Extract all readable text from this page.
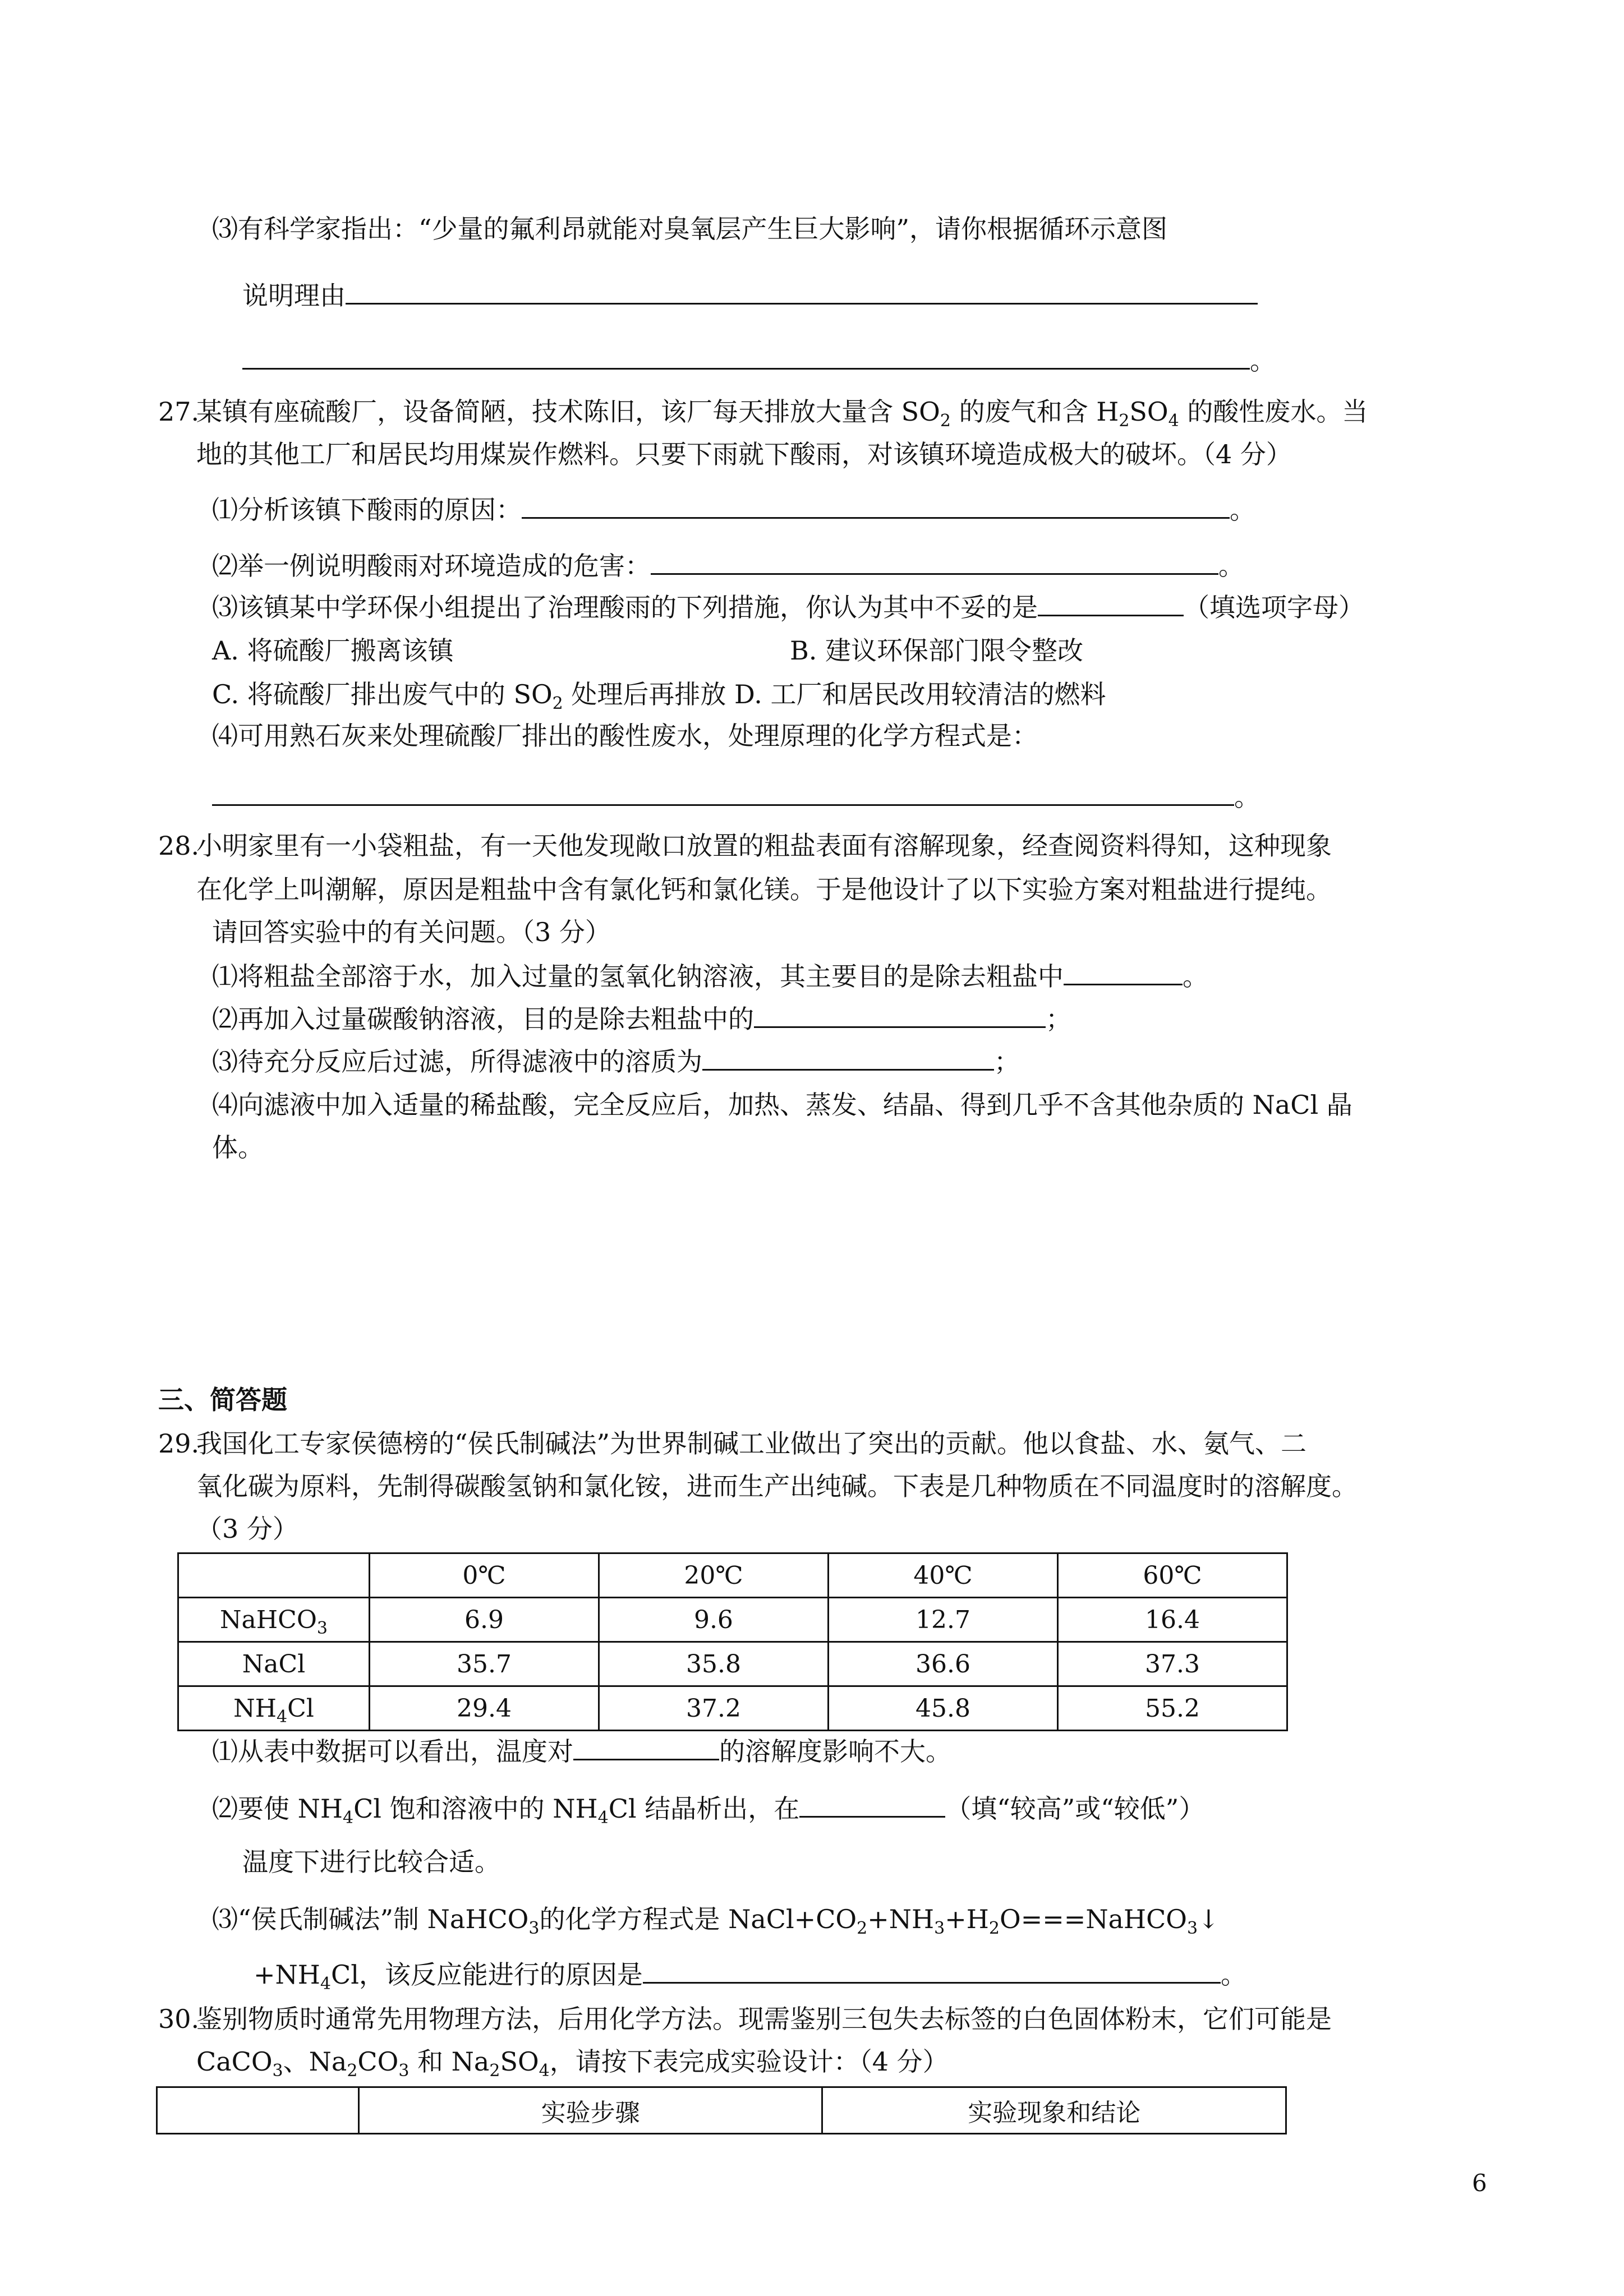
⑶有科学家指出：“少量的氟利昂就能对臭氧层产生巨大影响”，请你根据循环示意图
说明理由
。
27.
某镇有座硫酸厂，设备简陋，技术陈旧，该厂每天排放大量含 $SO_2$ 的废气和含 $H_2SO_4$ 的酸性废水。当
地的其他工厂和居民均用煤炭作燃料。只要下雨就下酸雨，对该镇环境造成极大的破坏。（4 分）
⑴分析该镇下酸雨的原因：	。
⑵举一例说明酸雨对环境造成的危害：	。
⑶该镇某中学环保小组提出了治理酸雨的下列措施，你认为其中不妥的是	（填选项字母）
A. 将硫酸厂搬离该镇	B. 建议环保部门限令整改
C. 将硫酸厂排出废气中的 $SO_2$ 处理后再排放 D. 工厂和居民改用较清洁的燃料
⑷可用熟石灰来处理硫酸厂排出的酸性废水，处理原理的化学方程式是：
。
28.
小明家里有一小袋粗盐，有一天他发现敞口放置的粗盐表面有溶解现象，经查阅资料得知，这种现象
在化学上叫潮解，原因是粗盐中含有氯化钙和氯化镁。于是他设计了以下实验方案对粗盐进行提纯。
请回答实验中的有关问题。（3 分）
⑴将粗盐全部溶于水，加入过量的氢氧化钠溶液，其主要目的是除去粗盐中	。
⑵再加入过量碳酸钠溶液，目的是除去粗盐中的	；
⑶待充分反应后过滤，所得滤液中的溶质为	；
⑷向滤液中加入适量的稀盐酸，完全反应后，加热、蒸发、结晶、得到几乎不含其他杂质的 NaCl 晶
体。
三、简答题
29.
我国化工专家侯德榜的“侯氏制碱法”为世界制碱工业做出了突出的贡献。他以食盐、水、氨气、二
氧化碳为原料，先制得碳酸氢钠和氯化铵，进而生产出纯碱。下表是几种物质在不同温度时的溶解度。
（3 分）
	0℃	20℃	40℃	60℃
NaHCO$_3$	6.9	9.6	12.7	16.4
NaCl	35.7	35.8	36.6	37.3
$NH_4Cl$	29.4	37.2	45.8	55.2
⑴从表中数据可以看出，温度对	的溶解度影响不大。
⑵要使 $NH_4Cl$ 饱和溶液中的 $NH_4Cl$ 结晶析出，在	（填“较高”或“较低”）
温度下进行比较合适。
⑶“侯氏制碱法”制 NaHCO$_3$的化学方程式是 $NaCl+CO_2+NH_3+H_2O===NaHCO_3↓$
$+NH_4Cl$，该反应能进行的原因是	。
30.
鉴别物质时通常先用物理方法，后用化学方法。现需鉴别三包失去标签的白色固体粉末，它们可能是
CaCO$_3$、$Na_2CO_3$ 和 $Na_2SO_4$，请按下表完成实验设计：（4 分）
	实验步骤	实验现象和结论
6
